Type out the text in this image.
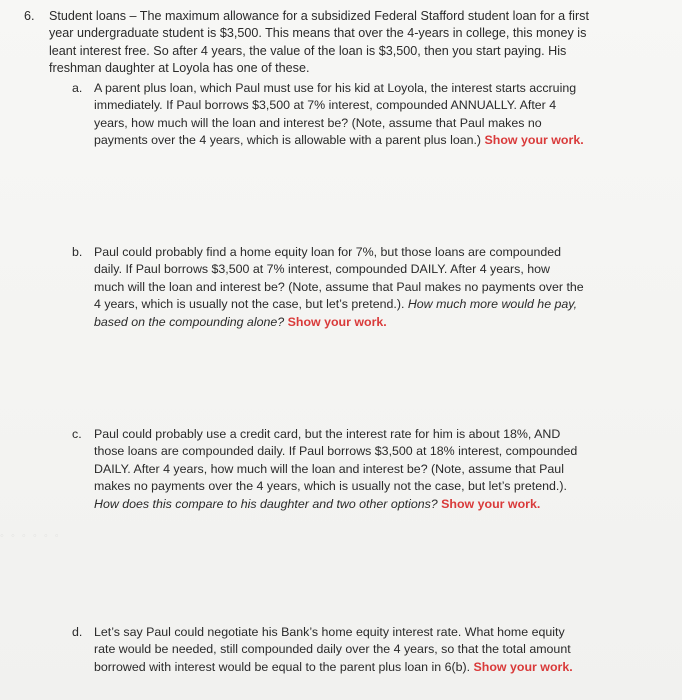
6.	Student loans – The maximum allowance for a subsidized Federal Stafford student loan for a first
year undergraduate student is $3,500. This means that over the 4-years in college, this money is
leant interest free. So after 4 years, the value of the loan is $3,500, then you start paying. His
freshman daughter at Loyola has one of these.
a. A parent plus loan, which Paul must use for his kid at Loyola, the interest starts accruing
immediately. If Paul borrows $3,500 at 7% interest, compounded ANNUALLY. After 4
years, how much will the loan and interest be? (Note, assume that Paul makes no
payments over the 4 years, which is allowable with a parent plus loan.) Show your work.
b. Paul could probably find a home equity loan for 7%, but those loans are compounded
daily. If Paul borrows $3,500 at 7% interest, compounded DAILY. After 4 years, how
much will the loan and interest be? (Note, assume that Paul makes no payments over the
4 years, which is usually not the case, but let’s pretend.). How much more would he pay,
based on the compounding alone? Show your work.
◦ ◦ ◦ ◦ ◦ ◦
c. Paul could probably use a credit card, but the interest rate for him is about 18%, AND
those loans are compounded daily. If Paul borrows $3,500 at 18% interest, compounded
DAILY. After 4 years, how much will the loan and interest be? (Note, assume that Paul
makes no payments over the 4 years, which is usually not the case, but let’s pretend.).
How does this compare to his daughter and two other options? Show your work.
d. Let’s say Paul could negotiate his Bank’s home equity interest rate. What home equity
rate would be needed, still compounded daily over the 4 years, so that the total amount
borrowed with interest would be equal to the parent plus loan in 6(b). Show your work.
